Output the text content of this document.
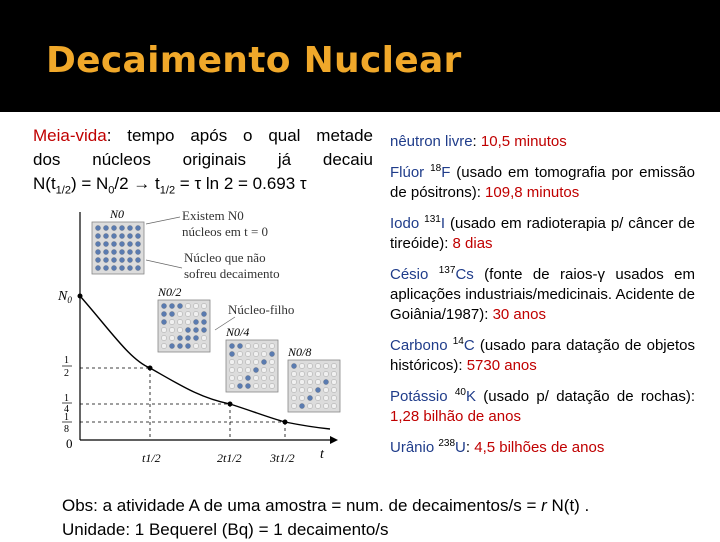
Decaimento Nuclear
Meia-vida: tempo após o qual metade
dos núcleos originais já decaiu
$N(t_{1/2}) = N_0/2 \to t_{1/2} = \tau$ ln 2 = 0.693 τ
$N_0$
1
2
1
4
1
8
0
t1/2	2t1/2 3t1/2 t
Existem N0
núcleos em t = 0
Núcleo que não
sofreu decaimento
Núcleo-filho
N0
N0/2
N0/4
N0/8
nêutron livre: 10,5 minutos
Flúor $^{18}$F (usado em tomografia por emissão de pósitrons): 109,8 minutos
Iodo $^{131}$I (usado em radioterapia p/ câncer de tireóide): 8 dias
Césio $^{137}$Cs (fonte de raios-γ usados em aplicações industriais/medicinais. Acidente de Goiânia/1987): 30 anos
Carbono $^{14}$C (usado para datação de objetos históricos): 5730 anos
Potássio $^{40}$K (usado p/ datação de rochas): 1,28 bilhão de anos
Urânio $^{238}$U: 4,5 bilhões de anos
Obs: a atividade A de uma amostra = num. de decaimentos/s = r N(t) .
Unidade: 1 Bequerel (Bq) = 1 decaimento/s
